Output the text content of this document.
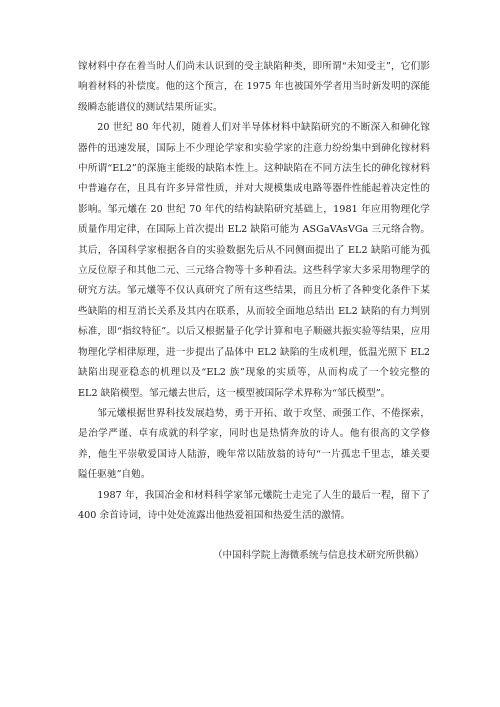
镓材料中存在着当时人们尚未认识到的受主缺陷种类，即所谓“未知受主”，它们影响着材料的补偿度。他的这个预言，在 1975 年也被国外学者用当时新发明的深能级瞬态能谱仪的测试结果所证实。

20 世纪 80 年代初，随着人们对半导体材料中缺陷研究的不断深入和砷化镓器件的迅速发展，国际上不少理论学家和实验学家的注意力纷纷集中到砷化镓材料中所谓“EL2”的深施主能级的缺陷本性上。这种缺陷在不同方法生长的砷化镓材料中普遍存在，且具有许多异常性质，并对大规模集成电路等器件性能起着决定性的影响。邹元爔在 20 世纪 70 年代的结构缺陷研究基础上，1981 年应用物理化学质量作用定律，在国际上首次提出 EL2 缺陷可能为 ASGaVAsVGa 三元络合物。其后，各国科学家根据各自的实验数据先后从不同侧面提出了 EL2 缺陷可能为孤立反位原子和其他二元、三元络合物等十多种看法。这些科学家大多采用物理学的研究方法。邹元爔等不仅认真研究了所有这些结果，而且分析了各种变化条件下某些缺陷的相互消长关系及其内在联系，从而较全面地总结出 EL2 缺陷的有力判别标准，即“指纹特征”。以后又根据量子化学计算和电子顺磁共振实验等结果，应用物理化学相律原理，进一步提出了晶体中 EL2 缺陷的生成机理，低温光照下 EL2 缺陷出现亚稳态的机理以及“EL2 族”现象的实质等，从而构成了一个较完整的 EL2 缺陷模型。邹元爔去世后，这一模型被国际学术界称为“邹氏模型”。

邹元爔根据世界科技发展趋势，勇于开拓、敢于攻坚、顽强工作、不倦探索，是治学严谨、卓有成就的科学家，同时也是热情奔放的诗人。他有很高的文学修养，他生平崇敬爱国诗人陆游，晚年常以陆放翁的诗句“一片孤忠千里志，雄关要隘任驱驰”自勉。

1987 年，我国冶金和材料科学家邹元爔院士走完了人生的最后一程，留下了 400 余首诗词，诗中处处流露出他热爱祖国和热爱生活的激情。

（中国科学院上海微系统与信息技术研究所供稿）
